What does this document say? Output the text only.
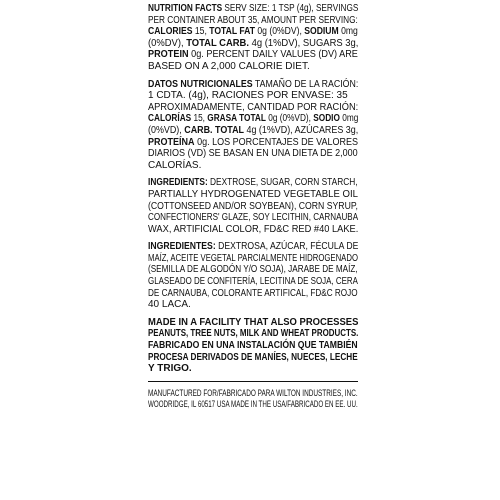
NUTRITION FACTS SERV SIZE: 1 TSP (4g), SERVINGS
PER CONTAINER ABOUT 35, AMOUNT PER SERVING:
CALORIES 15, TOTAL FAT 0g (0%DV), SODIUM 0mg
(0%DV), TOTAL CARB. 4g (1%DV), SUGARS 3g,
PROTEIN 0g. PERCENT DAILY VALUES (DV) ARE
BASED ON A 2,000 CALORIE DIET.
DATOS NUTRICIONALES TAMAÑO DE LA RACIÓN:
1 CDTA. (4g), RACIONES POR ENVASE: 35
APROXIMADAMENTE, CANTIDAD POR RACIÓN:
CALORÍAS 15, GRASA TOTAL 0g (0%VD), SODIO 0mg
(0%VD), CARB. TOTAL 4g (1%VD), AZÚCARES 3g,
PROTEÍNA 0g. LOS PORCENTAJES DE VALORES
DIARIOS (VD) SE BASAN EN UNA DIETA DE 2,000
CALORÍAS.
INGREDIENTS: DEXTROSE, SUGAR, CORN STARCH,
PARTIALLY HYDROGENATED VEGETABLE OIL
(COTTONSEED AND/OR SOYBEAN), CORN SYRUP,
CONFECTIONERS' GLAZE, SOY LECITHIN, CARNAUBA
WAX, ARTIFICIAL COLOR, FD&C RED #40 LAKE.
INGREDIENTES: DEXTROSA, AZÚCAR, FÉCULA DE
MAÍZ, ACEITE VEGETAL PARCIALMENTE HIDROGENADO
(SEMILLA DE ALGODÓN Y/O SOJA), JARABE DE MAÍZ,
GLASEADO DE CONFITERÍA, LECITINA DE SOJA, CERA
DE CARNAUBA, COLORANTE ARTIFICAL, FD&C ROJO
40 LACA.
MADE IN A FACILITY THAT ALSO PROCESSES
PEANUTS, TREE NUTS, MILK AND WHEAT PRODUCTS.
FABRICADO EN UNA INSTALACIÓN QUE TAMBIÉN
PROCESA DERIVADOS DE MANÍES, NUECES, LECHE
Y TRIGO.
MANUFACTURED FOR/FABRICADO PARA WILTON INDUSTRIES, INC.
WOODRIDGE, IL 60517 USA MADE IN THE USA/FABRICADO EN EE. UU.
